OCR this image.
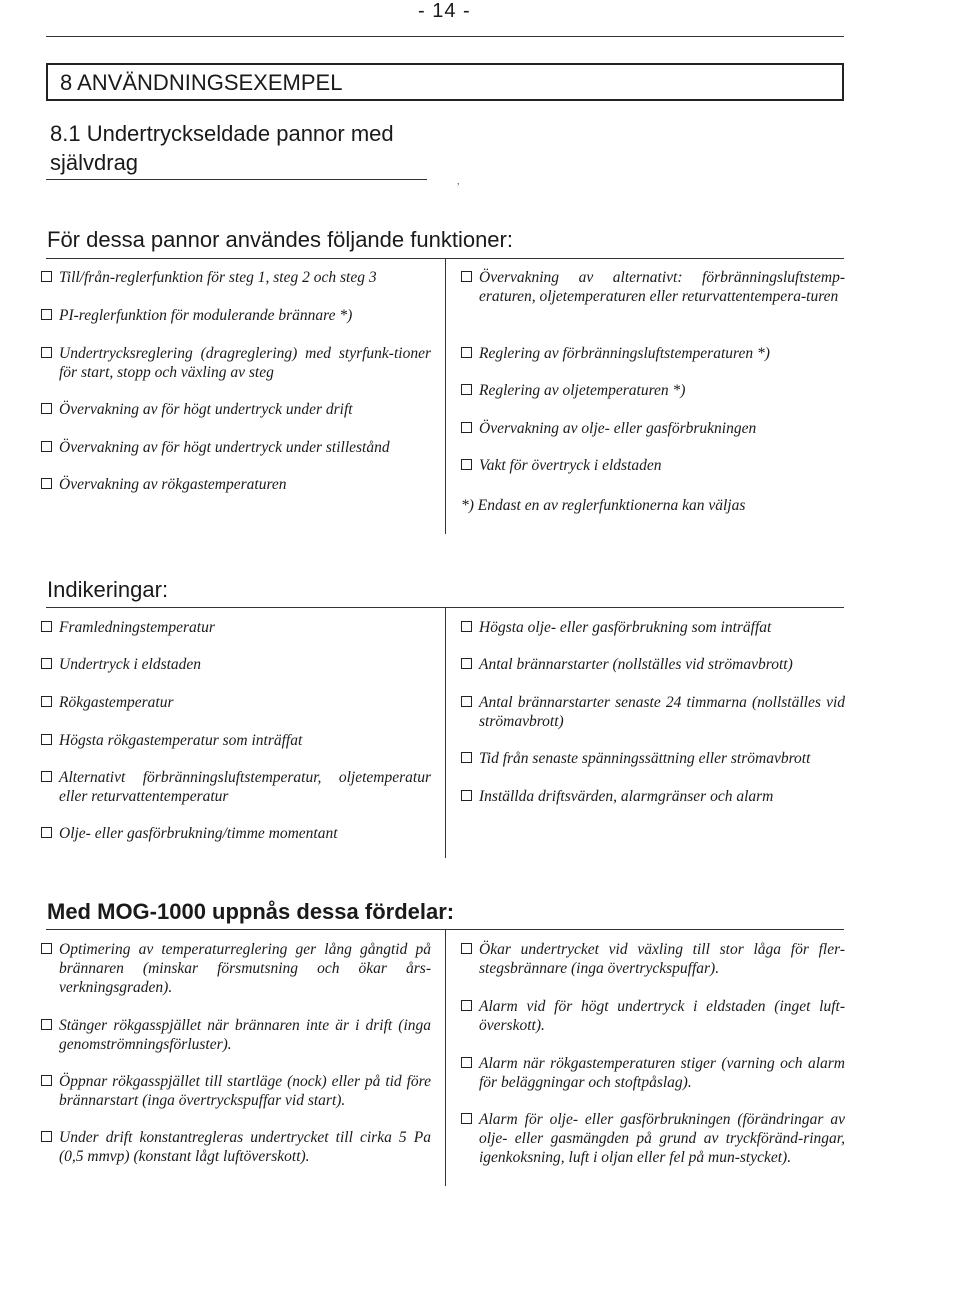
- 14 -
8 ANVÄNDNINGSEXEMPEL
8.1 Undertryckseldade pannor med självdrag
,
För dessa pannor användes följande funktioner:
Till/från-reglerfunktion för steg 1, steg 2 och steg 3
PI-reglerfunktion för modulerande brännare *)
Undertrycksreglering (dragreglering) med styrfunk-tioner för start, stopp och växling av steg
Övervakning av för högt undertryck under drift
Övervakning av för högt undertryck under stillestånd
Övervakning av rökgastemperaturen
Övervakning av alternativt: förbränningsluftstemp-eraturen, oljetemperaturen eller returvattentempera-turen
Reglering av förbränningsluftstemperaturen *)
Reglering av oljetemperaturen *)
Övervakning av olje- eller gasförbrukningen
Vakt för övertryck i eldstaden
*) Endast en av reglerfunktionerna kan väljas
Indikeringar:
Framledningstemperatur
Undertryck i eldstaden
Rökgastemperatur
Högsta rökgastemperatur som inträffat
Alternativt förbränningsluftstemperatur, oljetemperatur eller returvattentemperatur
Olje- eller gasförbrukning/timme momentant
Högsta olje- eller gasförbrukning som inträffat
Antal brännarstarter (nollställes vid strömavbrott)
Antal brännarstarter senaste 24 timmarna (nollställes vid strömavbrott)
Tid från senaste spänningssättning eller strömavbrott
Inställda driftsvärden, alarmgränser och alarm
Med MOG-1000 uppnås dessa fördelar:
Optimering av temperaturreglering ger lång gångtid på brännaren (minskar försmutsning och ökar års-verkningsgraden).
Stänger rökgasspjället när brännaren inte är i drift (inga genomströmningsförluster).
Öppnar rökgasspjället till startläge (nock) eller på tid före brännarstart (inga övertryckspuffar vid start).
Under drift konstantregleras undertrycket till cirka 5 Pa (0,5 mmvp) (konstant lågt luftöverskott).
Ökar undertrycket vid växling till stor låga för fler-stegsbrännare (inga övertryckspuffar).
Alarm vid för högt undertryck i eldstaden (inget luft-överskott).
Alarm när rökgastemperaturen stiger (varning och alarm för beläggningar och stoftpåslag).
Alarm för olje- eller gasförbrukningen (förändringar av olje- eller gasmängden på grund av tryckföränd-ringar, igenkoksning, luft i oljan eller fel på mun-stycket).
